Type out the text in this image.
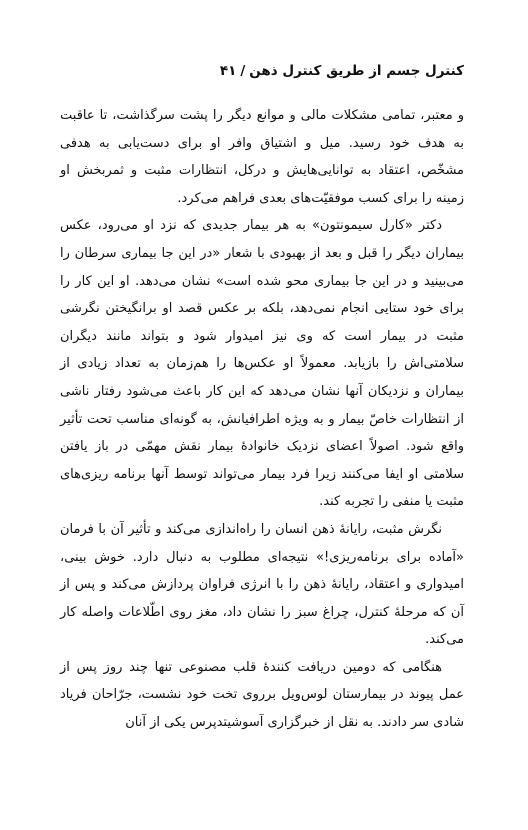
کنترل جسم از طریق کنترل ذهن/۴۱

و معتبر، تمامی مشکلات مالی و موانع دیگر را پشت سرگذاشت، تا عاقبت به هدف خود رسید. میل و اشتیاق وافر او برای دست‌یابی به هدفی مشخّص، اعتقاد به توانایی‌هایش و درکل، انتظارات مثبت و ثمربخش او زمینه را برای کسب موفقیّت‌های بعدی فراهم می‌کرد.

دکتر «کارل سیمونتون» به هر بیمار جدیدی که نزد او می‌رود، عکس بیماران دیگر را قبل و بعد از بهبودی با شعار «در این جا بیماری سرطان را می‌بینید و در این جا بیماری محو شده است» نشان می‌دهد. او این کار را برای خود ستایی انجام نمی‌دهد، بلکه بر عکس قصد او برانگیختن نگرشی مثبت در بیمار است که وی نیز امیدوار شود و بتواند مانند دیگران سلامتی‌اش را بازیابد. معمولاً او عکس‌ها را هم‌زمان به تعداد زیادی از بیماران و نزدیکان آنها نشان می‌دهد که این کار باعث می‌شود رفتار ناشی از انتظارات خاصّ بیمار و به ویژه اطرافیانش، به گونه‌ای مناسب تحت تأثیر واقع شود. اصولاً اعضای نزدیک خانوادهٔ بیمار نقش مهمّی در باز یافتن سلامتی او ایفا می‌کنند زیرا فرد بیمار می‌تواند توسط آنها برنامه ریزی‌های مثبت یا منفی را تجربه کند.

نگرش مثبت، رایانهٔ ذهن انسان را راه‌اندازی می‌کند و تأثیر آن با فرمان «آماده برای برنامه‌ریزی!» نتیجه‌ای مطلوب به دنبال دارد. خوش بینی، امیدواری و اعتقاد، رایانهٔ ذهن را با انرژی فراوان پردازش می‌کند و پس از آن که مرحلهٔ کنترل، چراغ سبز را نشان داد، مغز روی اطّلاعات واصله کار می‌کند.

هنگامی که دومین دریافت کنندهٔ قلب مصنوعی تنها چند روز پس از عمل پیوند در بیمارستان لوس‌ویل برروی تخت خود نشست، جرّاحان فریاد شادی سر دادند. به نقل از خبرگزاری آسوشیتدپرس یکی از آنان
